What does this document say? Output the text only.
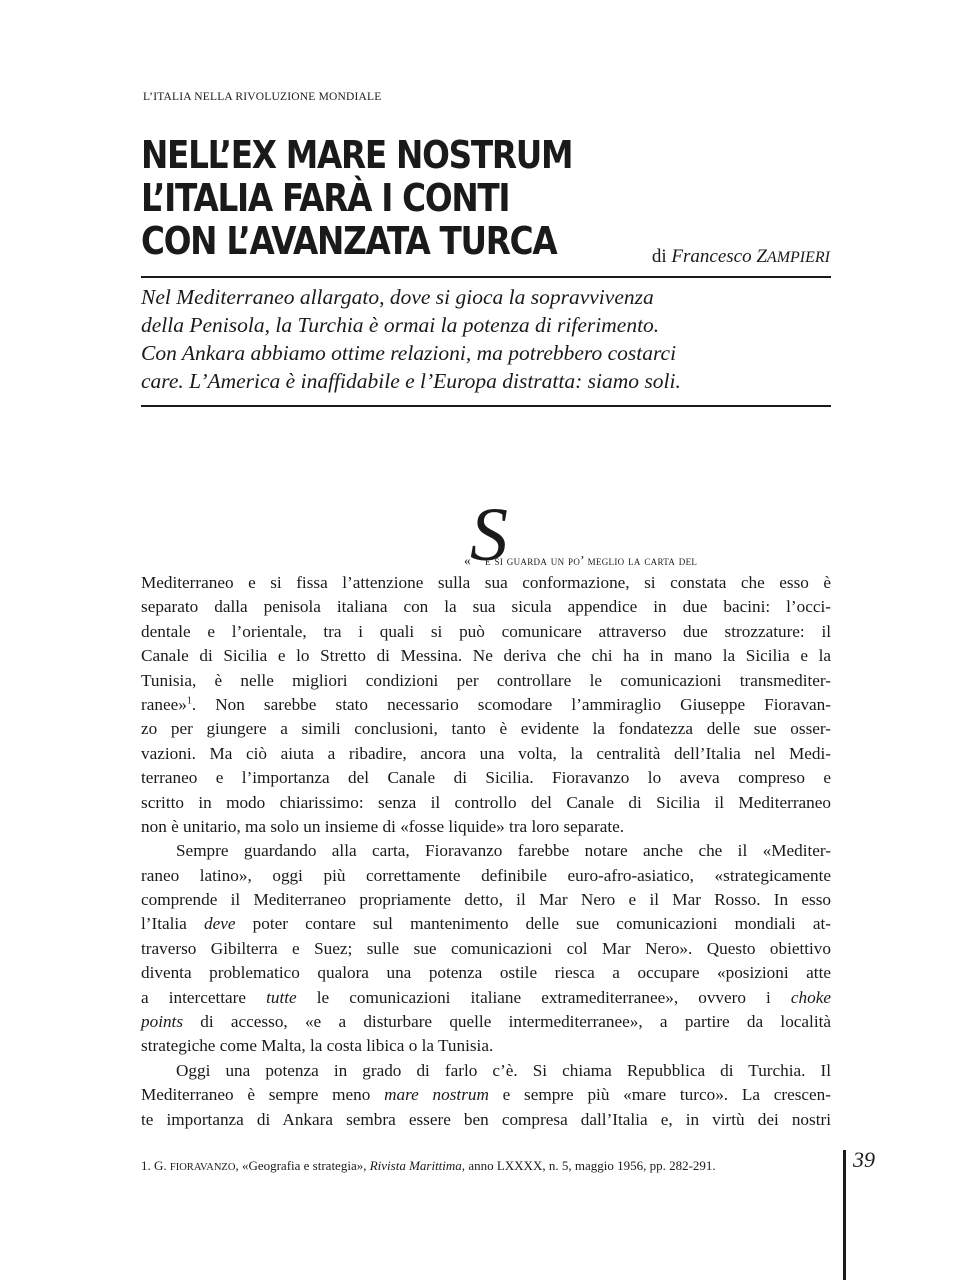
L’ITALIA NELLA RIVOLUZIONE MONDIALE
NELL’EX MARE NOSTRUM
L’ITALIA FARÀ I CONTI
CON L’AVANZATA TURCA	di Francesco ZAMPIERI
Nel Mediterraneo allargato, dove si gioca la sopravvivenza
della Penisola, la Turchia è ormai la potenza di riferimento.
Con Ankara abbiamo ottime relazioni, ma potrebbero costarci
care. L’America è inaffidabile e l’Europa distratta: siamo soli.
S
« e si guarda un po’ meglio la carta del
Mediterraneo e si fissa l’attenzione sulla sua conformazione, si constata che esso è
separato dalla penisola italiana con la sua sicula appendice in due bacini: l’occi-
dentale e l’orientale, tra i quali si può comunicare attraverso due strozzature: il
Canale di Sicilia e lo Stretto di Messina. Ne deriva che chi ha in mano la Sicilia e la
Tunisia, è nelle migliori condizioni per controllare le comunicazioni transmediter-
ranee»$^1$. Non sarebbe stato necessario scomodare l’ammiraglio Giuseppe Fioravan-
zo per giungere a simili conclusioni, tanto è evidente la fondatezza delle sue osser-
vazioni. Ma ciò aiuta a ribadire, ancora una volta, la centralità dell’Italia nel Medi-
terraneo e l’importanza del Canale di Sicilia. Fioravanzo lo aveva compreso e
scritto in modo chiarissimo: senza il controllo del Canale di Sicilia il Mediterraneo
non è unitario, ma solo un insieme di «fosse liquide» tra loro separate.
Sempre guardando alla carta, Fioravanzo farebbe notare anche che il «Mediter-
raneo latino», oggi più correttamente definibile euro-afro-asiatico, «strategicamente
comprende il Mediterraneo propriamente detto, il Mar Nero e il Mar Rosso. In esso
l’Italia deve poter contare sul mantenimento delle sue comunicazioni mondiali at-
traverso Gibilterra e Suez; sulle sue comunicazioni col Mar Nero». Questo obiettivo
diventa problematico qualora una potenza ostile riesca a occupare «posizioni atte
a intercettare tutte le comunicazioni italiane extramediterranee», ovvero i choke
points di accesso, «e a disturbare quelle intermediterranee», a partire da località
strategiche come Malta, la costa libica o la Tunisia.
Oggi una potenza in grado di farlo c’è. Si chiama Repubblica di Turchia. Il
Mediterraneo è sempre meno mare nostrum e sempre più «mare turco». La crescen-
te importanza di Ankara sembra essere ben compresa dall’Italia e, in virtù dei nostri
1. G. FIORAVANZO, «Geografia e strategia», Rivista Marittima, anno LXXXX, n. 5, maggio 1956, pp. 282-291.	39
